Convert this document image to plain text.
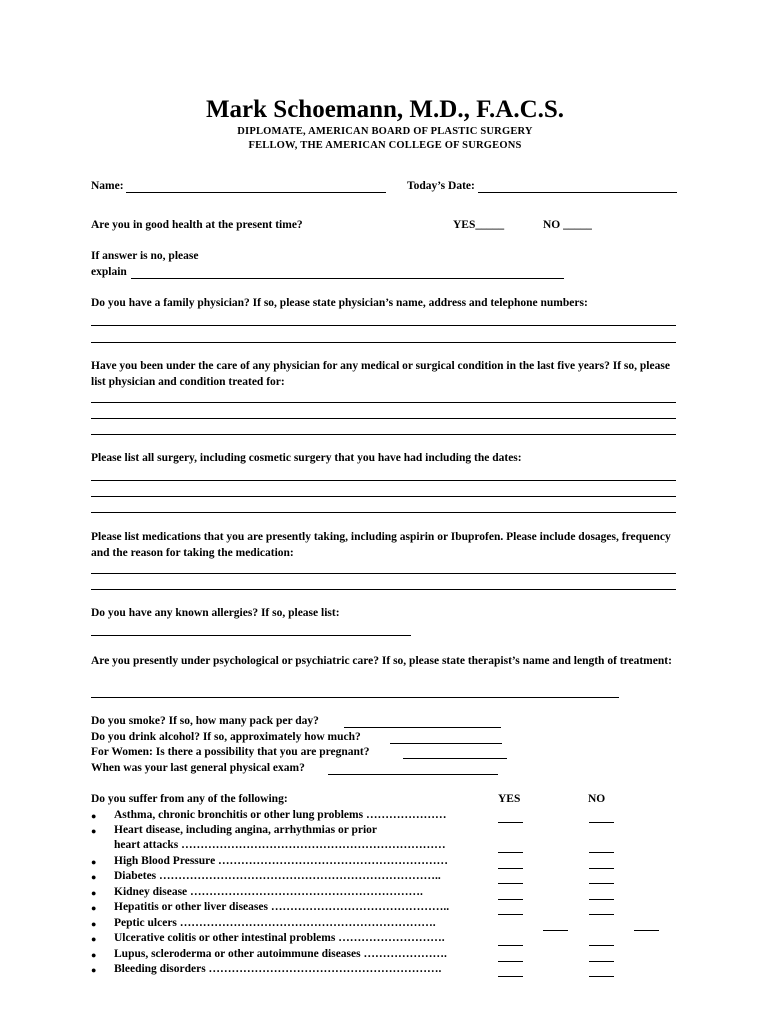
Mark Schoemann, M.D., F.A.C.S.
DIPLOMATE, AMERICAN BOARD OF PLASTIC SURGERY
FELLOW, THE AMERICAN COLLEGE OF SURGEONS
Name:	Today’s Date:
Are you in good health at the present time?	YES_____	NO _____
If answer is no, please
explain
Do you have a family physician? If so, please state physician’s name, address and telephone numbers:
Have you been under the care of any physician for any medical or surgical condition in the last five years? If so, please list physician and condition treated for:
Please list all surgery, including cosmetic surgery that you have had including the dates:
Please list medications that you are presently taking, including aspirin or Ibuprofen. Please include dosages, frequency and the reason for taking the medication:
Do you have any known allergies? If so, please list:
Are you presently under psychological or psychiatric care? If so, please state therapist’s name and length of treatment:
Do you smoke? If so, how many pack per day?
Do you drink alcohol? If so, approximately how much?
For Women: Is there a possibility that you are pregnant?
When was your last general physical exam?
Do you suffer from any of the following:	YES	NO
● Asthma, chronic bronchitis or other lung problems …………………
● Heart disease, including angina, arrhythmias or prior
heart attacks ……………………………………………………………
● High Blood Pressure ……………………………………………………
● Diabetes ………………………………………………………………..
● Kidney disease …………………………………………………….
● Hepatitis or other liver diseases ………………………………………..
● Peptic ulcers ………………………………………………………….
● Ulcerative colitis or other intestinal problems ……………………….
● Lupus, scleroderma or other autoimmune diseases ………………….
● Bleeding disorders …………………………………………………….
